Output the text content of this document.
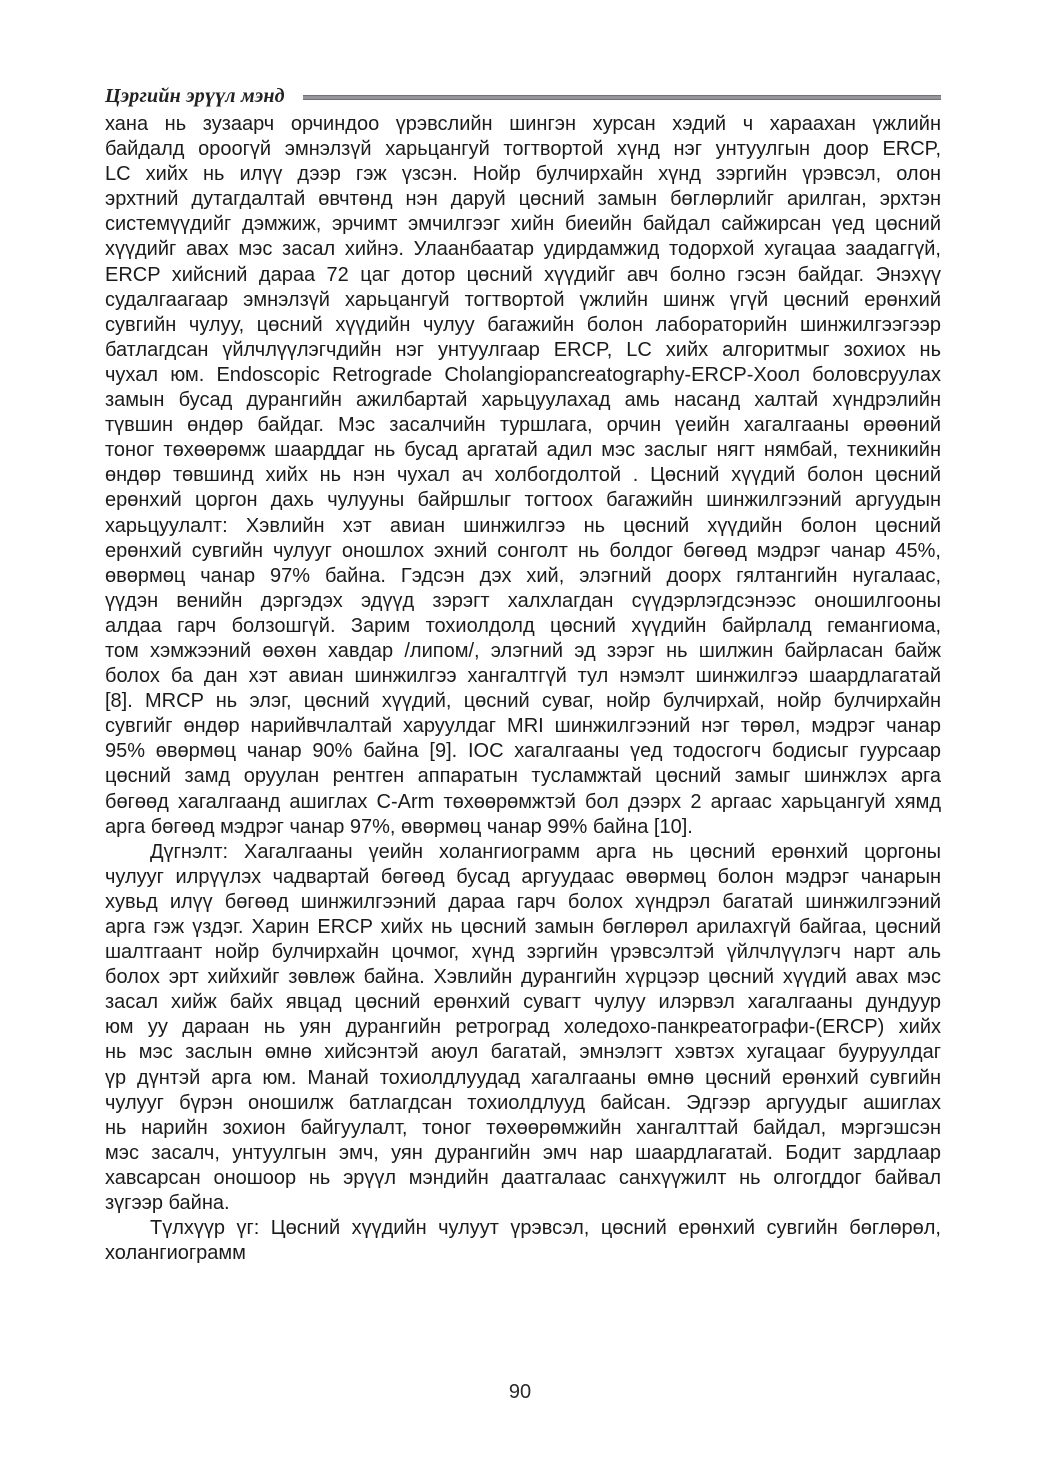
Цэргийн эрүүл мэнд
хана нь зузаарч орчиндоо үрэвслийн шингэн хурсан хэдий ч хараахан үжлийн
байдалд ороогүй эмнэлзүй харьцангуй тогтвортой хүнд нэг унтуулгын доор ERCP,
LC хийх нь илүү дээр гэж үзсэн. Нойр булчирхайн хүнд зэргийн үрэвсэл, олон
эрхтний дутагдалтай өвчтөнд нэн даруй цөсний замын бөглөрлийг арилган, эрхтэн
системүүдийг дэмжиж, эрчимт эмчилгээг хийн биеийн байдал сайжирсан үед цөсний
хүүдийг авах мэс засал хийнэ. Улаанбаатар удирдамжид тодорхой хугацаа заадаггүй,
ERCP хийсний дараа 72 цаг дотор цөсний хүүдийг авч болно гэсэн байдаг. Энэхүү
судалгаагаар эмнэлзүй харьцангуй тогтвортой үжлийн шинж үгүй цөсний ерөнхий
сувгийн чулуу, цөсний хүүдийн чулуу багажийн болон лабораторийн шинжилгээгээр
батлагдсан үйлчлүүлэгчдийн нэг унтуулгаар ERCP, LC хийх алгоритмыг зохиох нь
чухал юм. Endoscopic Retrograde Cholangiopancreatography-ERCP-Хоол боловсруулах
замын бусад дурангийн ажилбартай харьцуулахад амь насанд халтай хүндрэлийн
түвшин өндөр байдаг. Мэс засалчийн туршлага, орчин үеийн хагалгааны өрөөний
тоног төхөөрөмж шаарддаг нь бусад аргатай адил мэс заслыг нягт нямбай, техникийн
өндөр төвшинд хийх нь нэн чухал ач холбогдолтой . Цөсний хүүдий болон цөсний
ерөнхий цоргон дахь чулууны байршлыг тогтоох багажийн шинжилгээний аргуудын
харьцуулалт: Хэвлийн хэт авиан шинжилгээ нь цөсний хүүдийн болон цөсний
ерөнхий сувгийн чулууг оношлох эхний сонголт нь болдог бөгөөд мэдрэг чанар 45%,
өвөрмөц чанар 97% байна. Гэдсэн дэх хий, элэгний доорх гялтангийн нугалаас,
үүдэн венийн дэргэдэх эдүүд зэрэгт халхлагдан сүүдэрлэгдсэнээс оношилгооны
алдаа гарч болзошгүй. Зарим тохиолдолд цөсний хүүдийн байрлалд гемангиома,
том хэмжээний өөхөн хавдар /липом/, элэгний эд зэрэг нь шилжин байрласан байж
болох ба дан хэт авиан шинжилгээ хангалтгүй тул нэмэлт шинжилгээ шаардлагатай
[8]. MRCP нь элэг, цөсний хүүдий, цөсний суваг, нойр булчирхай, нойр булчирхайн
сувгийг өндөр нарийвчлалтай харуулдаг MRI шинжилгээний нэг төрөл, мэдрэг чанар
95% өвөрмөц чанар 90% байна [9]. IOC хагалгааны үед тодосгогч бодисыг гуурсаар
цөсний замд оруулан рентген аппаратын тусламжтай цөсний замыг шинжлэх арга
бөгөөд хагалгаанд ашиглах C-Arm төхөөрөмжтэй бол дээрх 2 аргаас харьцангуй хямд
арга бөгөөд мэдрэг чанар 97%, өвөрмөц чанар 99% байна [10].
Дүгнэлт: Хагалгааны үеийн холангиограмм арга нь цөсний ерөнхий цоргоны
чулууг илрүүлэх чадвартай бөгөөд бусад аргуудаас өвөрмөц болон мэдрэг чанарын
хувьд илүү бөгөөд шинжилгээний дараа гарч болох хүндрэл багатай шинжилгээний
арга гэж үздэг. Харин ERCP хийх нь цөсний замын бөглөрөл арилахгүй байгаа, цөсний
шалтгаант нойр булчирхайн цочмог, хүнд зэргийн үрэвсэлтэй үйлчлүүлэгч нарт аль
болох эрт хийхийг зөвлөж байна. Хэвлийн дурангийн хүрцээр цөсний хүүдий авах мэс
засал хийж байх явцад цөсний ерөнхий сувагт чулуу илэрвэл хагалгааны дундуур
юм уу дараан нь уян дурангийн ретроград холедохо-панкреатографи-(ERCP) хийх
нь мэс заслын өмнө хийсэнтэй аюул багатай, эмнэлэгт хэвтэх хугацааг бууруулдаг
үр дүнтэй арга юм. Манай тохиолдлуудад хагалгааны өмнө цөсний ерөнхий сувгийн
чулууг бүрэн оношилж батлагдсан тохиолдлууд байсан. Эдгээр аргуудыг ашиглах
нь нарийн зохион байгуулалт, тоног төхөөрөмжийн хангалттай байдал, мэргэшсэн
мэс засалч, унтуулгын эмч, уян дурангийн эмч нар шаардлагатай. Бодит зардлаар
хавсарсан оношоор нь эрүүл мэндийн даатгалаас санхүүжилт нь олгогддог байвал
зүгээр байна.
Түлхүүр үг: Цөсний хүүдийн чулуут үрэвсэл, цөсний ерөнхий сувгийн бөглөрөл,
холангиограмм
90
